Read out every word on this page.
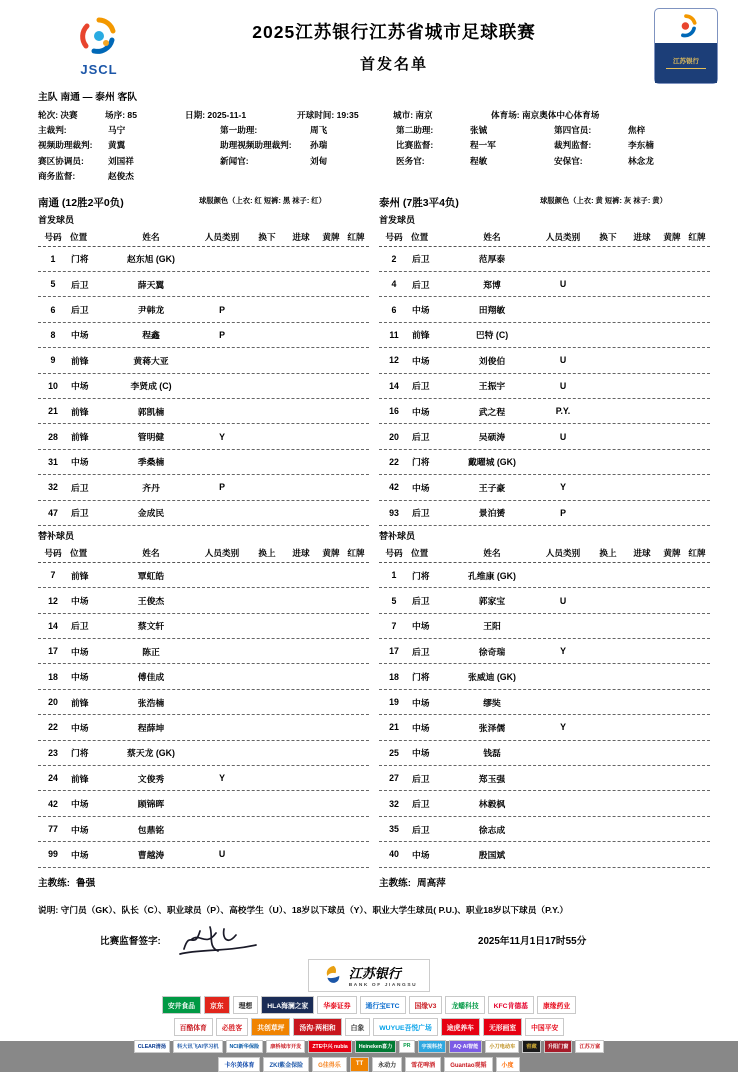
JSCL
2025江苏银行江苏省城市足球联赛
首发名单	江苏银行
主队 南通 — 泰州 客队
轮次: 决赛	场序: 85	日期: 2025-11-1	开球时间: 19:35	城市: 南京	体育场: 南京奥体中心体育场
主裁判:	马宁	第一助理:	周飞	第二助理:	张铖	第四官员:	焦梓
视频助理裁判:	黄翼	助理视频助理裁判:	孙瑞	比赛监督:	程一军	裁判监督:	李东楠
赛区协调员:	刘国祥	新闻官:	刘甸	医务官:	程敏	安保官:	林念龙
商务监督:	赵俊杰
南通 (12胜2平0负)	球服颜色（上衣: 红 短裤: 黑 袜子: 红）
首发球员
号码 位置	姓名	人员类别	换下	进球	黄牌 红牌
1	门将	赵东旭 (GK)
5	后卫	薛天翼
6	后卫	尹韩龙	P
8	中场	程鑫	P
9	前锋	黄蒋大亚
10	中场	李贤成 (C)
21	前锋	郭凯楠
28	前锋	管明健	Y
31	中场	季桑楠
32	后卫	齐丹	P
47	后卫	金成民
替补球员
号码 位置	姓名	人员类别	换上	进球	黄牌 红牌
7	前锋	覃虹皓
12	中场	王俊杰
14	后卫	蔡文轩
17	中场	陈正
18	中场	傅佳成
20	前锋	张浩楠
22	中场	程薛坤
23	门将	蔡天龙 (GK)
24	前锋	文俊秀	Y
42	中场	顾锦晖
77	中场	包鼎铭
99	中场	曹越涛	U
主教练: 鲁强
泰州 (7胜3平4负)	球服颜色（上衣: 黄 短裤: 灰 袜子: 黄）
首发球员
号码 位置	姓名	人员类别	换下	进球	黄牌 红牌
2	后卫	范厚泰
4	后卫	郑博	U
6	中场	田翔敏
11	前锋	巴特 (C)
12	中场	刘俊伯	U
14	后卫	王振宇	U
16	中场	武之程	P.Y.
20	后卫	吴硕涛	U
22	门将	戴曜城 (GK)
42	中场	王子豪	Y
93	后卫	景泊赟	P
替补球员
号码 位置	姓名	人员类别	换上	进球	黄牌 红牌
1	门将	孔维康 (GK)
5	后卫	郭家宝	U
7	中场	王阳
17	后卫	徐奇瑞	Y
18	门将	张威迪 (GK)
19	中场	缪奘
21	中场	张泽儒	Y
25	中场	钱磊
27	后卫	郑玉强
32	后卫	林毅枫
35	后卫	徐志成
40	中场	殷国斌
主教练: 周高萍
说明: 守门员（GK）、队长（C）、职业球员（P）、高校学生（U）、18岁以下球员（Y）、职业大学生球员( P.U.)、职业18岁以下球员（P.Y.）
比赛监督签字:	2025年11月1日17时55分
江苏银行
BANK OF JIANGSU
安井食品	京东	理想	HLA海澜之家	华泰证券	通行宝ETC	国缘V3	龙蟠科技	KFC肯德基	康缘药业
百酷体育	必胜客	共创草坪	汤沟·两相和	白象	WUYUE吾悦广场	途虎养车	无形画室	中国平安
CLEAR清扬	科大讯飞AI学习机	NCI新华保险	康桥城市开发	ZTE中兴 nubia	Heineken喜力	PR	宇视科技	AQ·AI智能	小刀电动车	窖藏	升阳门窗	江苏万富
卡尔美体育	ZKI紫金保险	G佳得乐	TT	永动力	雪花啤酒	Guantao观韬	小度
